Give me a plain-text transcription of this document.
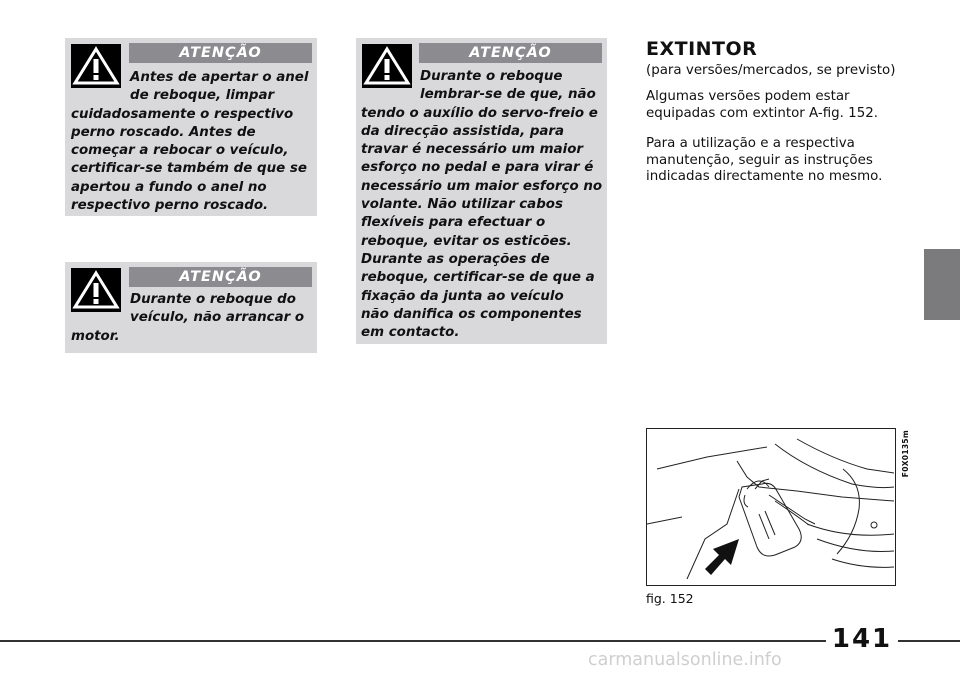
ATENÇÃO
Antes de apertar o anel
de reboque, limpar
cuidadosamente o respectivo
perno roscado. Antes de
começar a rebocar o veículo,
certificar-se também de que se
apertou a fundo o anel no
respectivo perno roscado.
ATENÇÃO
Durante o reboque do
veículo, não arrancar o
motor.
ATENÇÃO
Durante o reboque
lembrar-se de que, não
tendo o auxílio do servo-freio e
da direcção assistida, para
travar é necessário um maior
esforço no pedal e para virar é
necessário um maior esforço no
volante. Não utilizar cabos
flexíveis para efectuar o
reboque, evitar os esticões.
Durante as operações de
reboque, certificar-se de que a
fixação da junta ao veículo
não danifica os componentes
em contacto.
EXTINTOR
(para versões/mercados, se previsto)
Algumas versões podem estar
equipadas com extintor A-fig. 152.
Para a utilização e a respectiva
manutenção, seguir as instruções
indicadas directamente no mesmo.
F0X0135m
fig. 152
141
carmanualsonline.info
